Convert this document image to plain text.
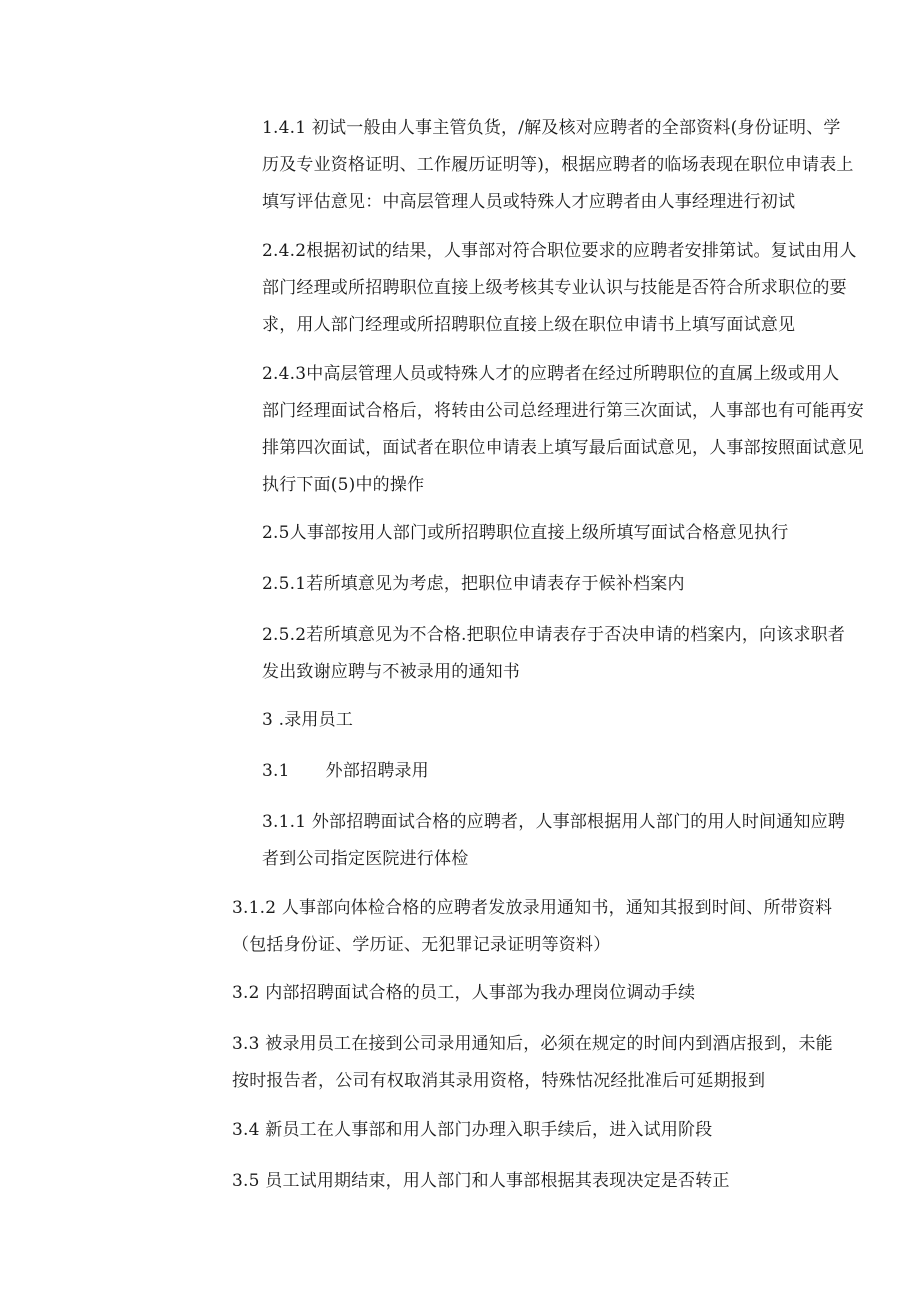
1.4.1 初试一般由人事主管负货，/解及核对应聘者的全部资料(身份证明、学
历及专业资格证明、工作履历证明等)，根据应聘者的临场表现在职位申请表上
填写评估意见：中高层管理人员或特殊人才应聘者由人事经理进行初试
2.4.2根据初试的结果，人事部对符合职位要求的应聘者安排第试。复试由用人
部门经理或所招聘职位直接上级考核其专业认识与技能是否符合所求职位的要
求，用人部门经理或所招聘职位直接上级在职位申请书上填写面试意见
2.4.3中高层管理人员或特殊人才的应聘者在经过所聘职位的直属上级或用人
部门经理面试合格后，将转由公司总经理进行第三次面试，人事部也有可能再安
排第四次面试，面试者在职位申请表上填写最后面试意见，人事部按照面试意见
执行下面(5)中的操作
2.5人事部按用人部门或所招聘职位直接上级所填写面试合格意见执行
2.5.1若所填意见为考虑，把职位申请表存于候补档案内
2.5.2若所填意见为不合格.把职位申请表存于否决申请的档案内，向该求职者
发出致谢应聘与不被录用的通知书
3 .录用员工
3.1 外部招聘录用
3.1.1 外部招聘面试合格的应聘者，人事部根据用人部门的用人时间通知应聘
者到公司指定医院进行体检
3.1.2 人事部向体检合格的应聘者发放录用通知书，通知其报到时间、所带资料
（包括身份证、学历证、无犯罪记录证明等资料）
3.2 内部招聘面试合格的员工，人事部为我办理岗位调动手续
3.3 被录用员工在接到公司录用通知后，必须在规定的时间内到酒店报到，未能
按时报告者，公司有权取消其录用资格，特殊怙况经批准后可延期报到
3.4 新员工在人事部和用人部门办理入职手续后，进入试用阶段
3.5 员工试用期结束，用人部门和人事部根据其表现决定是否转正
